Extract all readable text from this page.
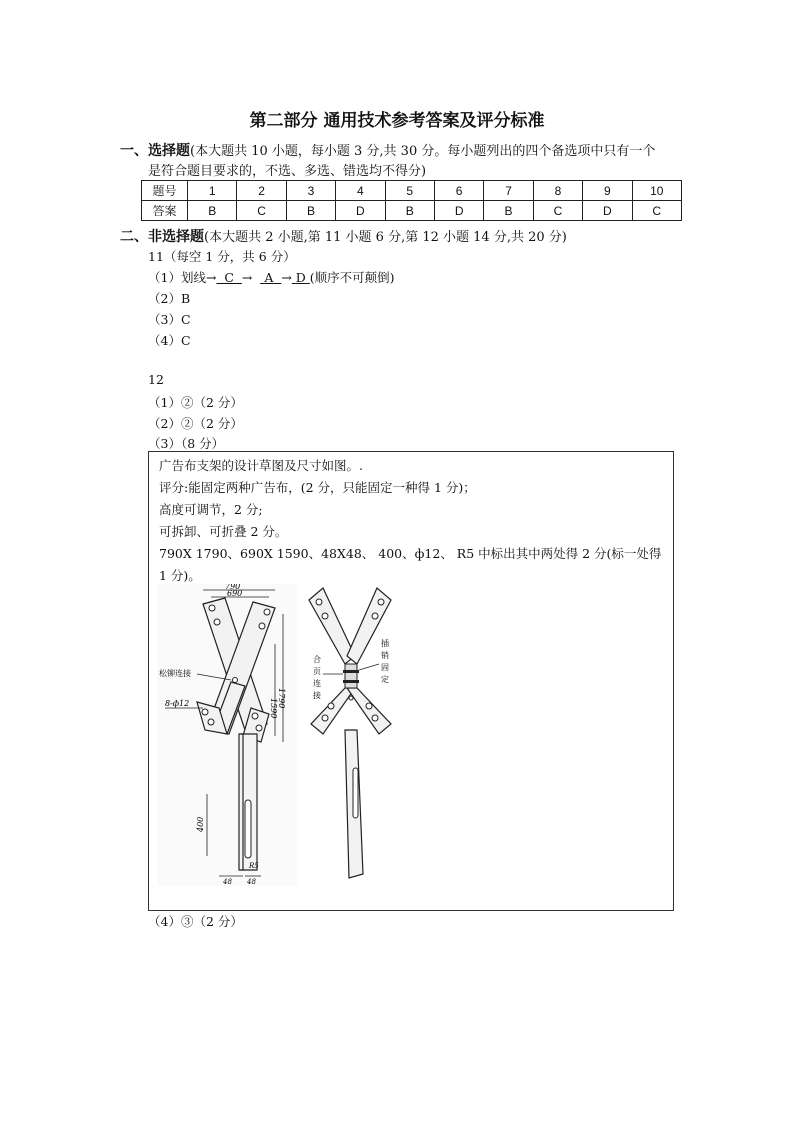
第二部分 通用技术参考答案及评分标准
一、选择题(本大题共 10 小题，每小题 3 分,共 30 分。每小题列出的四个备选项中只有一个
是符合题目要求的，不选、多选、错选均不得分)
题号	1	2	3	4	5	6	7	8	9	10
答案	B	C	B	D	B	D	B	C	D	C
二、非选择题(本大题共 2 小题,第 11 小题 6 分,第 12 小题 14 分,共 20 分)
11（每空 1 分，共 6 分）
（1）划线→ C →   A → D (顺序不可颠倒)
（2）B
（3）C
（4）C
12
（1）②（2 分）
（2）②（2 分）
（3）（8 分）
广告布支架的设计草图及尺寸如图。.
评分:能固定两种广告布，(2 分，只能固定一种得 1 分)；
高度可调节，2 分;
可拆卸、可折叠 2 分。
790X 1790、690X 1590、48X48、 400、ф12、 R5 中标出其中两处得 2 分(标一处得
1 分)。
790
690
1590 1790
400
R5
48 48
松铆连接
8-ф12
合
页
连
接
插
销
固
定
（4）③（2 分）
